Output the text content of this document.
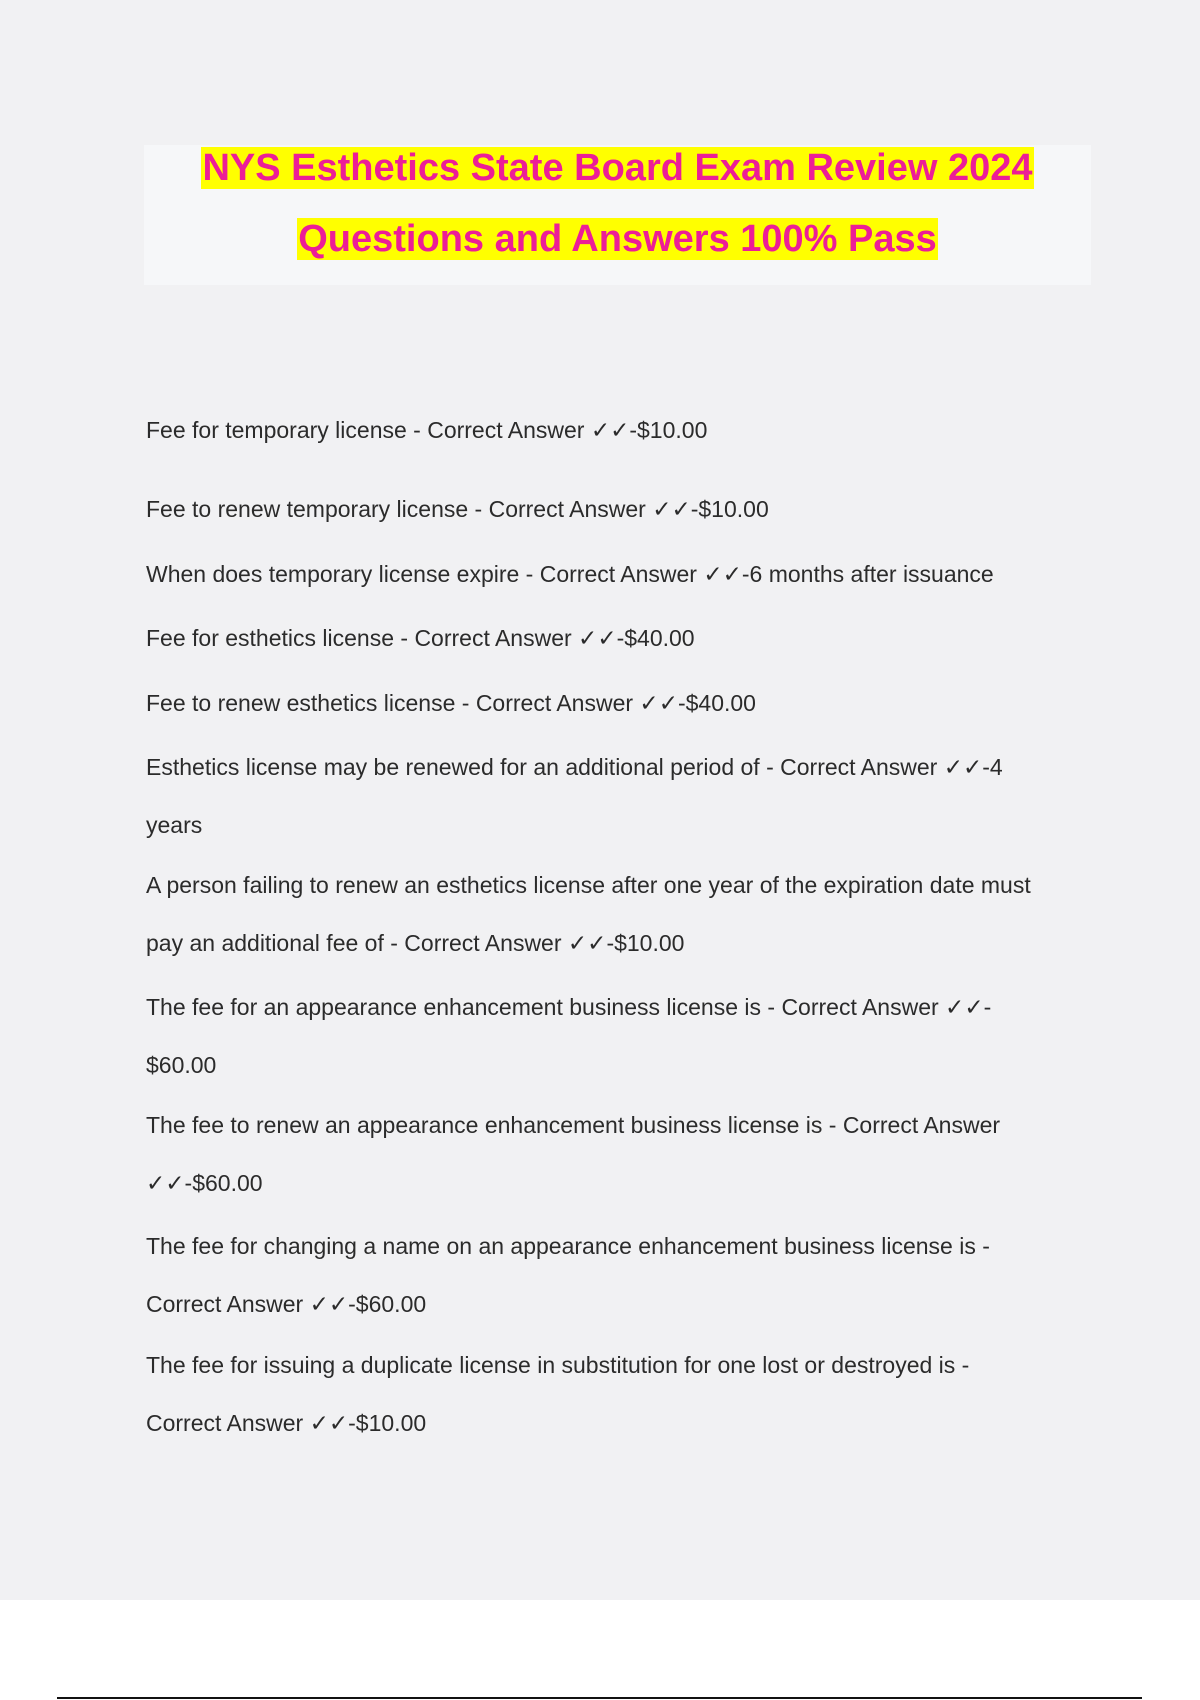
NYS Esthetics State Board Exam Review 2024
Questions and Answers 100% Pass
Fee for temporary license - Correct Answer ✓✓-$10.00
Fee to renew temporary license - Correct Answer ✓✓-$10.00
When does temporary license expire - Correct Answer ✓✓-6 months after issuance
Fee for esthetics license - Correct Answer ✓✓-$40.00
Fee to renew esthetics license - Correct Answer ✓✓-$40.00
Esthetics license may be renewed for an additional period of - Correct Answer ✓✓-4
years
A person failing to renew an esthetics license after one year of the expiration date must
pay an additional fee of - Correct Answer ✓✓-$10.00
The fee for an appearance enhancement business license is - Correct Answer ✓✓-
$60.00
The fee to renew an appearance enhancement business license is - Correct Answer
✓✓-$60.00
The fee for changing a name on an appearance enhancement business license is -
Correct Answer ✓✓-$60.00
The fee for issuing a duplicate license in substitution for one lost or destroyed is -
Correct Answer ✓✓-$10.00
